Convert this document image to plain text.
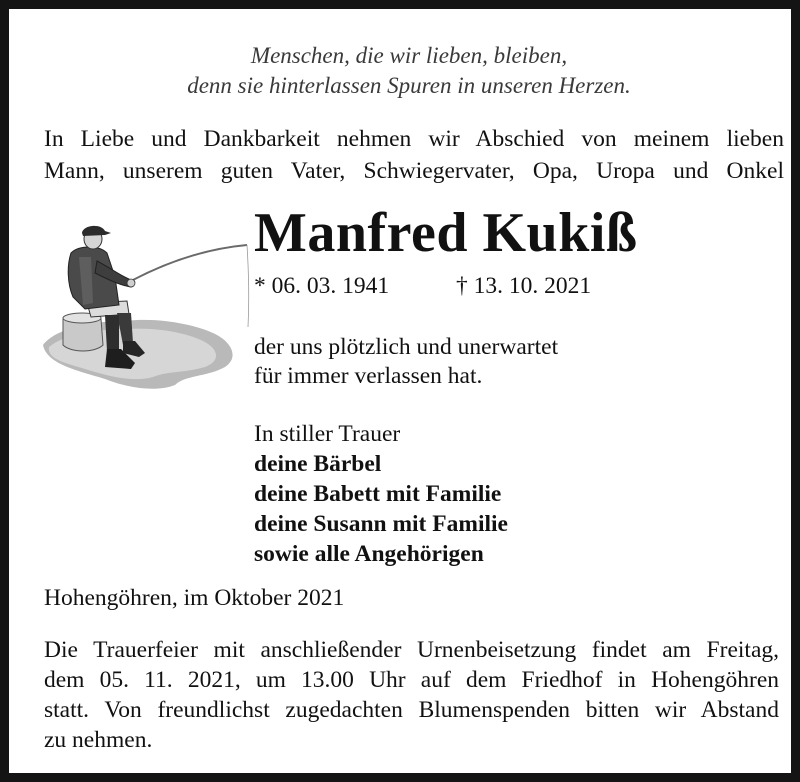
Menschen, die wir lieben, bleiben,
denn sie hinterlassen Spuren in unseren Herzen.
In Liebe und Dankbarkeit nehmen wir Abschied von meinem lieben
Mann, unserem guten Vater, Schwiegervater, Opa, Uropa und Onkel
Manfred Kukiß
* 06. 03. 1941	† 13. 10. 2021
der uns plötzlich und unerwartet
für immer verlassen hat.
In stiller Trauer
deine Bärbel
deine Babett mit Familie
deine Susann mit Familie
sowie alle Angehörigen
Hohengöhren, im Oktober 2021
Die Trauerfeier mit anschließender Urnenbeisetzung findet am Freitag,
dem 05. 11. 2021, um 13.00 Uhr auf dem Friedhof in Hohengöhren
statt. Von freundlichst zugedachten Blumenspenden bitten wir Abstand
zu nehmen.
